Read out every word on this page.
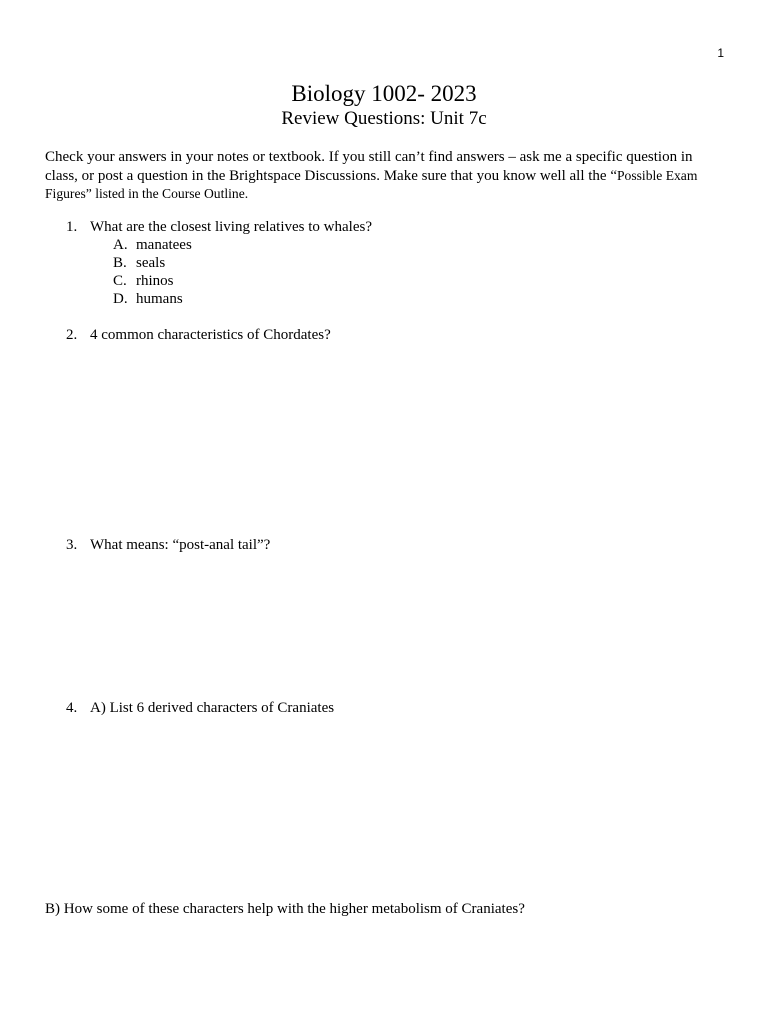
1
Biology 1002- 2023
Review Questions: Unit 7c
Check your answers in your notes or textbook. If you still can’t find answers – ask me a specific question in class, or post a question in the Brightspace Discussions. Make sure that you know well all the “Possible Exam Figures” listed in the Course Outline.
1. What are the closest living relatives to whales?
A. manatees
B. seals
C. rhinos
D. humans
2. 4 common characteristics of Chordates?
3. What means: “post-anal tail”?
4. A) List 6 derived characters of Craniates
B) How some of these characters help with the higher metabolism of Craniates?
